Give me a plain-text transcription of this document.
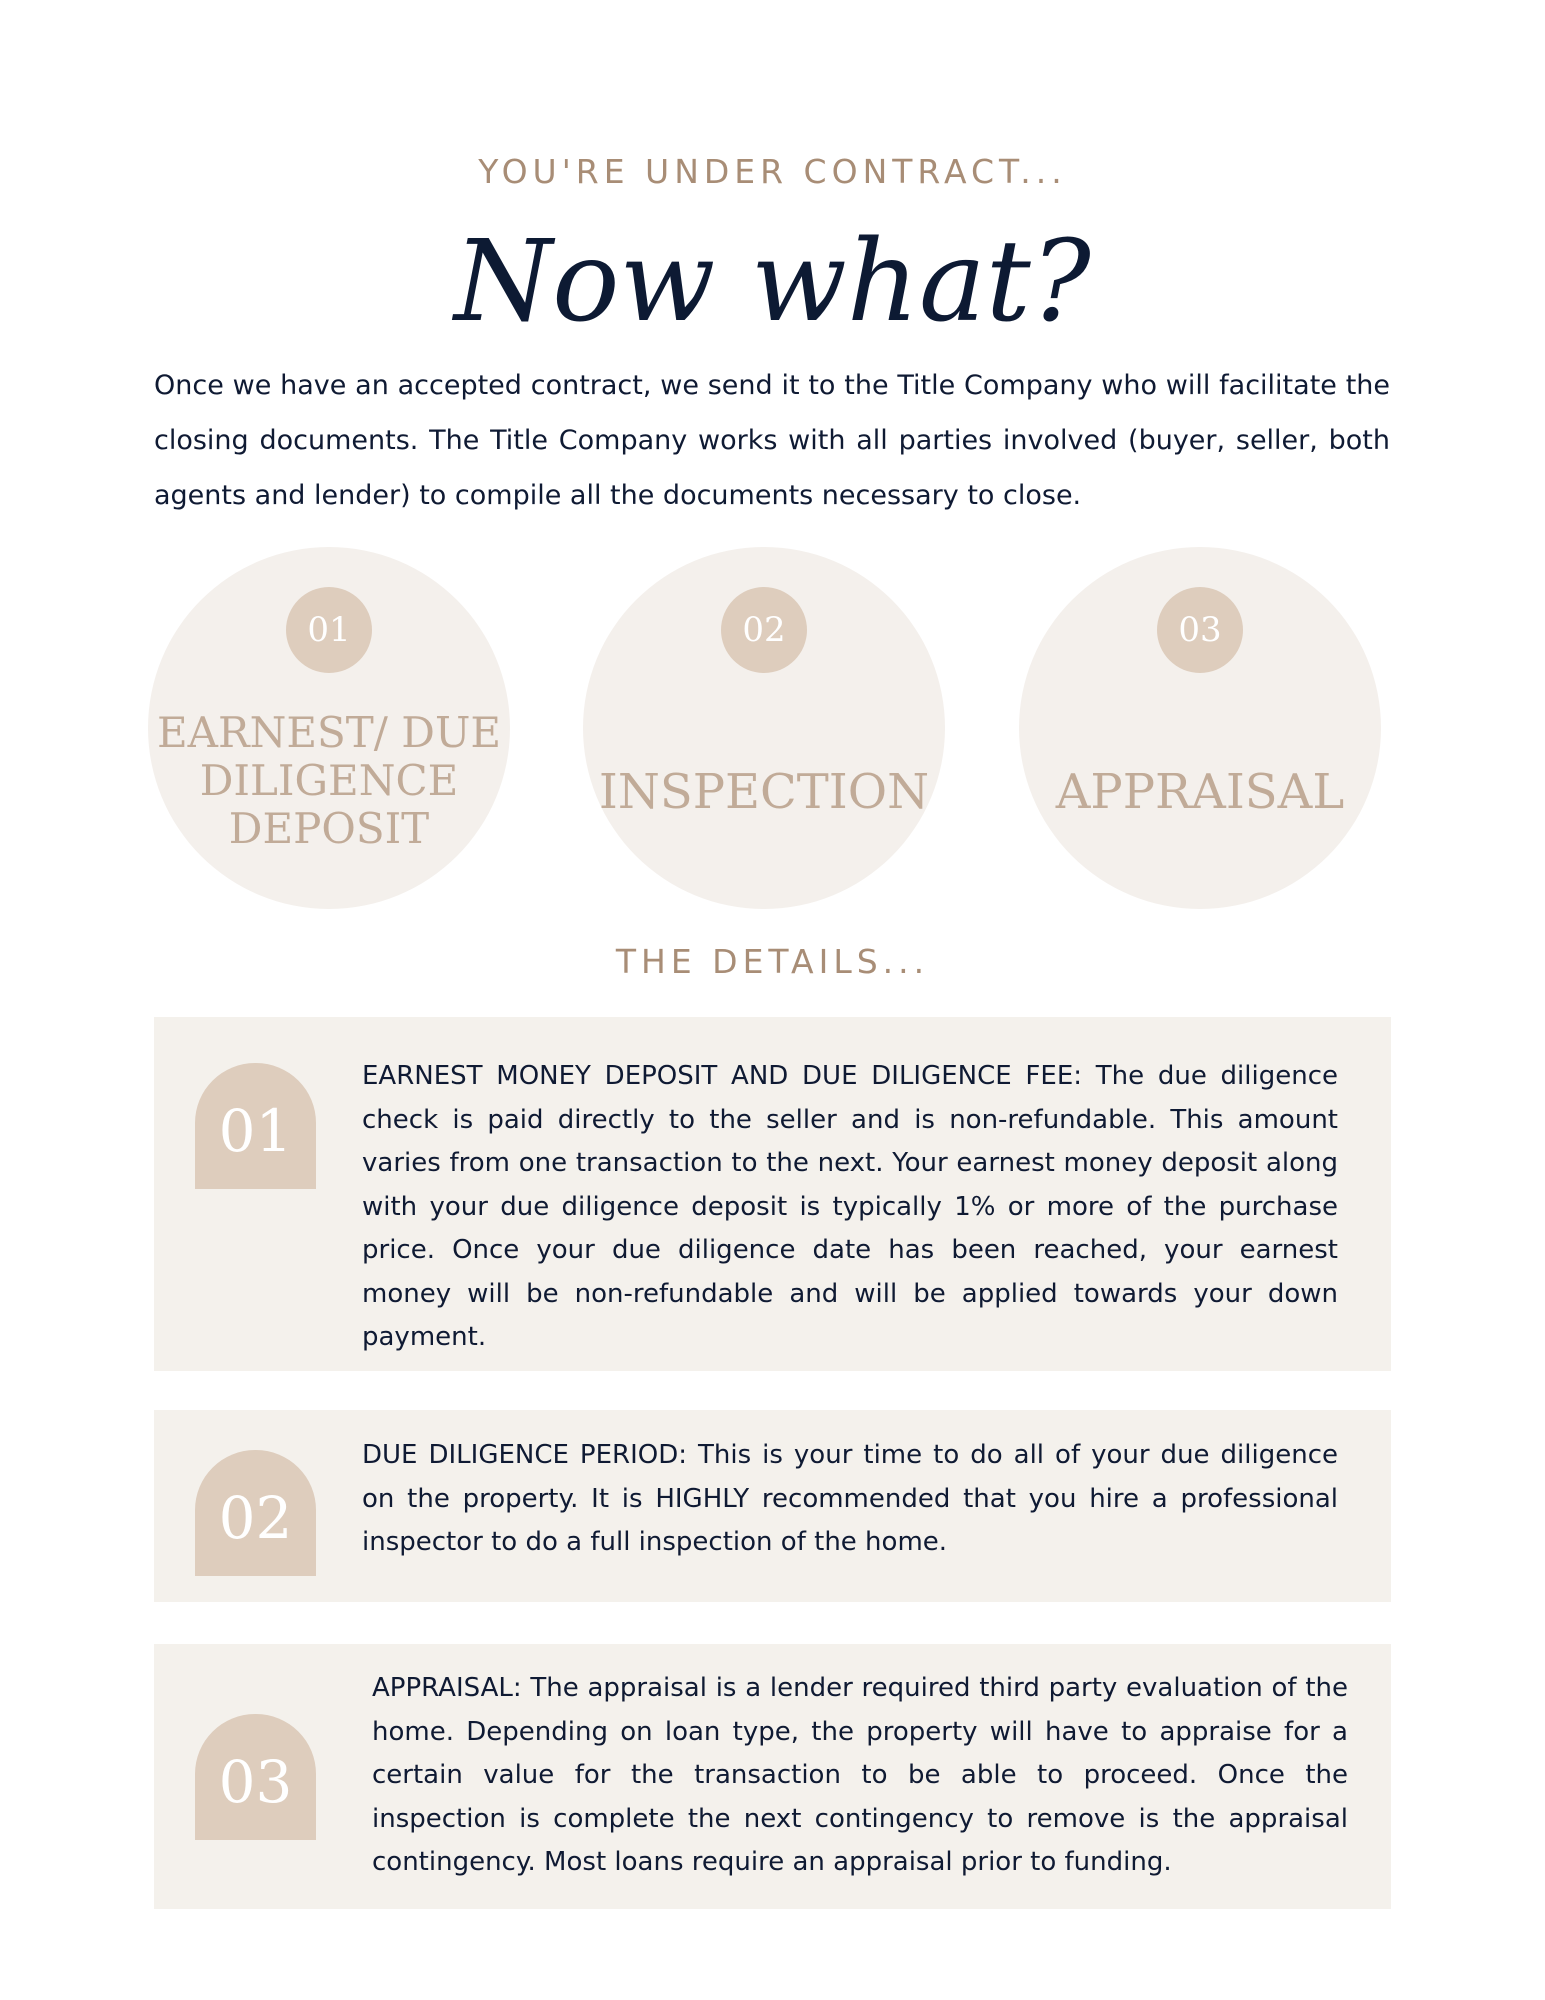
YOU'RE UNDER CONTRACT...
Now what?

Once we have an accepted contract, we send it to the Title Company who will facilitate the closing documents. The Title Company works with all parties involved (buyer, seller, both agents and lender) to compile all the documents necessary to close.

01
EARNEST/ DUE DILIGENCE DEPOSIT
02
INSPECTION
03
APPRAISAL
THE DETAILS...
01

EARNEST MONEY DEPOSIT AND DUE DILIGENCE FEE: The due diligence check is paid directly to the seller and is non-refundable. This amount varies from one transaction to the next. Your earnest money deposit along with your due diligence deposit is typically 1% or more of the purchase price. Once your due diligence date has been reached, your earnest money will be non-refundable and will be applied towards your down payment.

02

DUE DILIGENCE PERIOD: This is your time to do all of your due diligence on the property. It is HIGHLY recommended that you hire a professional inspector to do a full inspection of the home.

03

APPRAISAL: The appraisal is a lender required third party evaluation of the home. Depending on loan type, the property will have to appraise for a certain value for the transaction to be able to proceed. Once the inspection is complete the next contingency to remove is the appraisal contingency. Most loans require an appraisal prior to funding.
